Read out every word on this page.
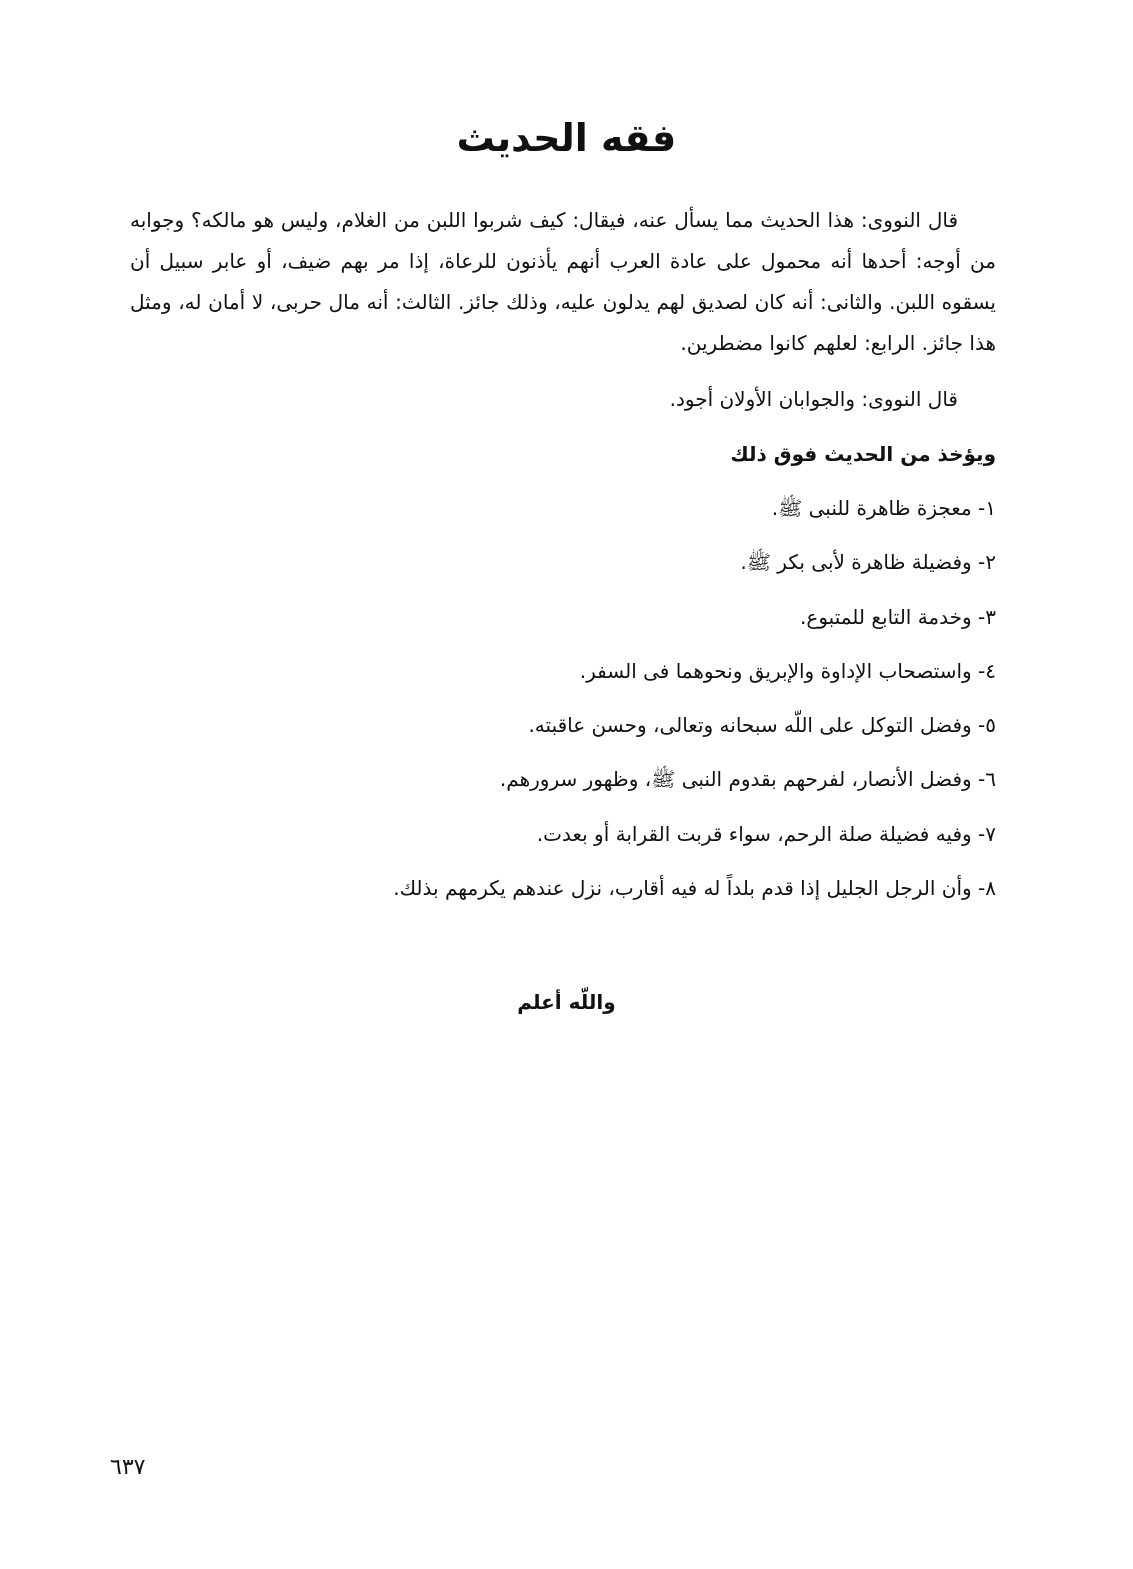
فقه الحديث

قال النووى: هذا الحديث مما يسأل عنه، فيقال: كيف شربوا اللبن من الغلام، وليس هو مالكه؟ وجوابه من أوجه: أحدها أنه محمول على عادة العرب أنهم يأذنون للرعاة، إذا مر بهم ضيف، أو عابر سبيل أن يسقوه اللبن. والثانى: أنه كان لصديق لهم يدلون عليه، وذلك جائز. الثالث: أنه مال حربى، لا أمان له، ومثل هذا جائز. الرابع: لعلهم كانوا مضطرين.

قال النووى: والجوابان الأولان أجود.

ويؤخذ من الحديث فوق ذلك
١- معجزة ظاهرة للنبى ﷺ.
٢- وفضيلة ظاهرة لأبى بكر ﷺ.
٣- وخدمة التابع للمتبوع.
٤- واستصحاب الإداوة والإبريق ونحوهما فى السفر.
٥- وفضل التوكل على اللّه سبحانه وتعالى، وحسن عاقبته.
٦- وفضل الأنصار، لفرحهم بقدوم النبى ﷺ، وظهور سرورهم.
٧- وفيه فضيلة صلة الرحم، سواء قربت القرابة أو بعدت.
٨- وأن الرجل الجليل إذا قدم بلداً له فيه أقارب، نزل عندهم يكرمهم بذلك.
واللّه أعلم
٦٣٧
